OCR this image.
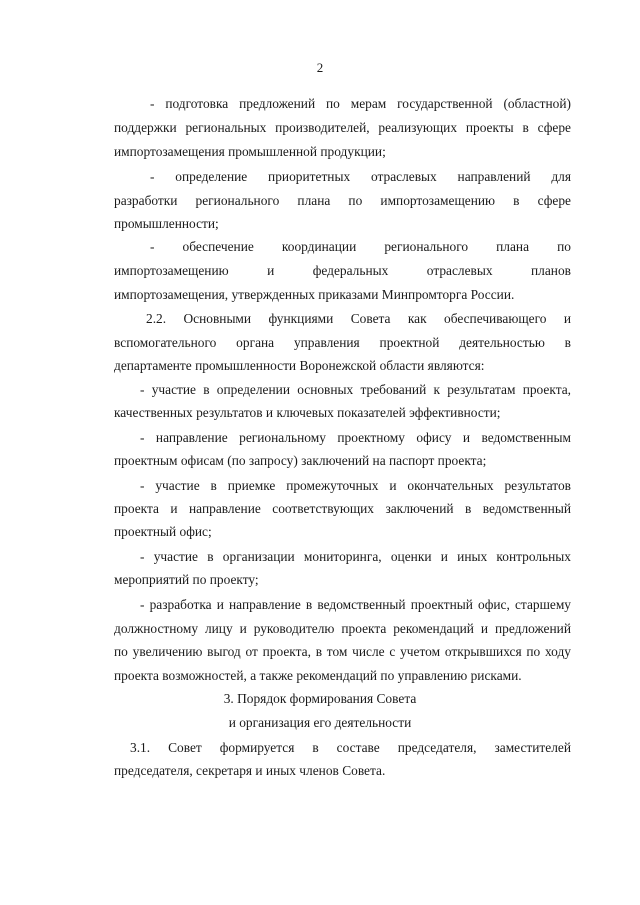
2
- подготовка предложений по мерам государственной (областной)
поддержки региональных производителей, реализующих проекты в сфере
импортозамещения промышленной продукции;
- определение приоритетных отраслевых направлений для
разработки регионального плана по импортозамещению в сфере
промышленности;
- обеспечение координации регионального плана по
импортозамещению и федеральных отраслевых планов
импортозамещения, утвержденных приказами Минпромторга России.
2.2. Основными функциями Совета как обеспечивающего и
вспомогательного органа управления проектной деятельностью в
департаменте промышленности Воронежской области являются:
- участие в определении основных требований к результатам проекта,
качественных результатов и ключевых показателей эффективности;
- направление региональному проектному офису и ведомственным
проектным офисам (по запросу) заключений на паспорт проекта;
- участие в приемке промежуточных и окончательных результатов
проекта и направление соответствующих заключений в ведомственный
проектный офис;
- участие в организации мониторинга, оценки и иных контрольных
мероприятий по проекту;
- разработка и направление в ведомственный проектный офис, старшему
должностному лицу и руководителю проекта рекомендаций и предложений
по увеличению выгод от проекта, в том числе с учетом открывшихся по ходу
проекта возможностей, а также рекомендаций по управлению рисками.
3. Порядок формирования Совета
и организация его деятельности
3.1. Совет формируется в составе председателя, заместителей
председателя, секретаря и иных членов Совета.
